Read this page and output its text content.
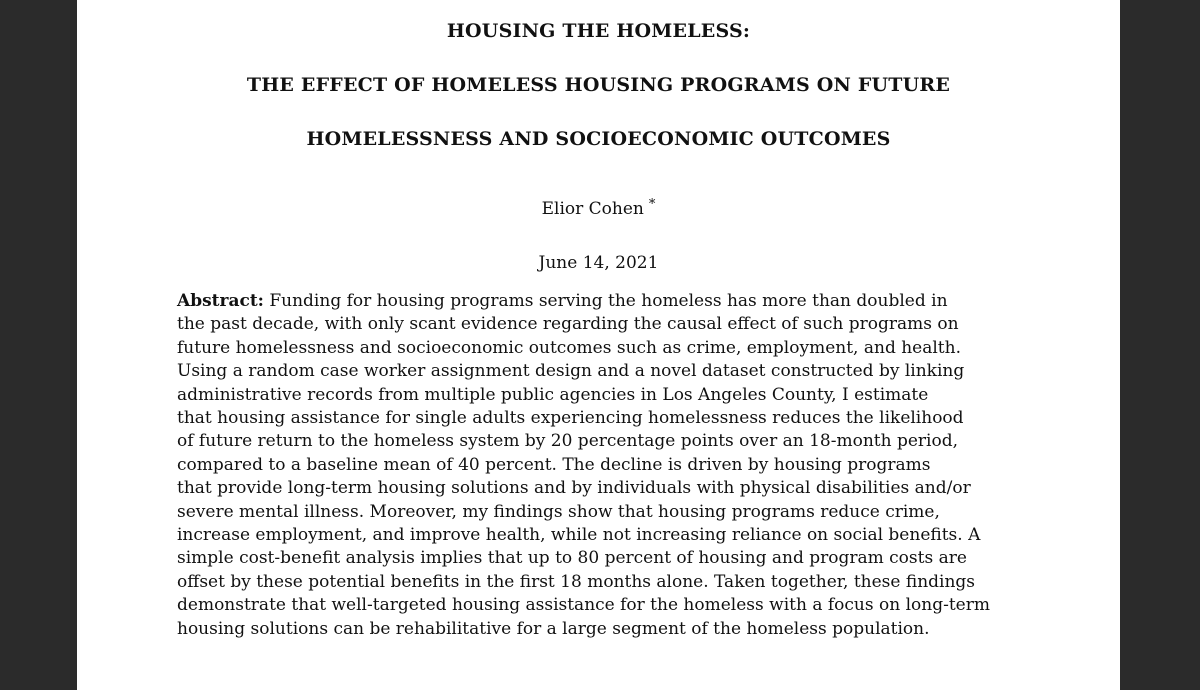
HOUSING THE HOMELESS:
THE EFFECT OF HOMELESS HOUSING PROGRAMS ON FUTURE
HOMELESSNESS AND SOCIOECONOMIC OUTCOMES
Elior Cohen *
June 14, 2021
Abstract: Funding for housing programs serving the homeless has more than doubled in
the past decade, with only scant evidence regarding the causal effect of such programs on
future homelessness and socioeconomic outcomes such as crime, employment, and health.
Using a random case worker assignment design and a novel dataset constructed by linking
administrative records from multiple public agencies in Los Angeles County, I estimate
that housing assistance for single adults experiencing homelessness reduces the likelihood
of future return to the homeless system by 20 percentage points over an 18-month period,
compared to a baseline mean of 40 percent. The decline is driven by housing programs
that provide long-term housing solutions and by individuals with physical disabilities and/or
severe mental illness. Moreover, my findings show that housing programs reduce crime,
increase employment, and improve health, while not increasing reliance on social benefits. A
simple cost-benefit analysis implies that up to 80 percent of housing and program costs are
offset by these potential benefits in the first 18 months alone. Taken together, these findings
demonstrate that well-targeted housing assistance for the homeless with a focus on long-term
housing solutions can be rehabilitative for a large segment of the homeless population.
